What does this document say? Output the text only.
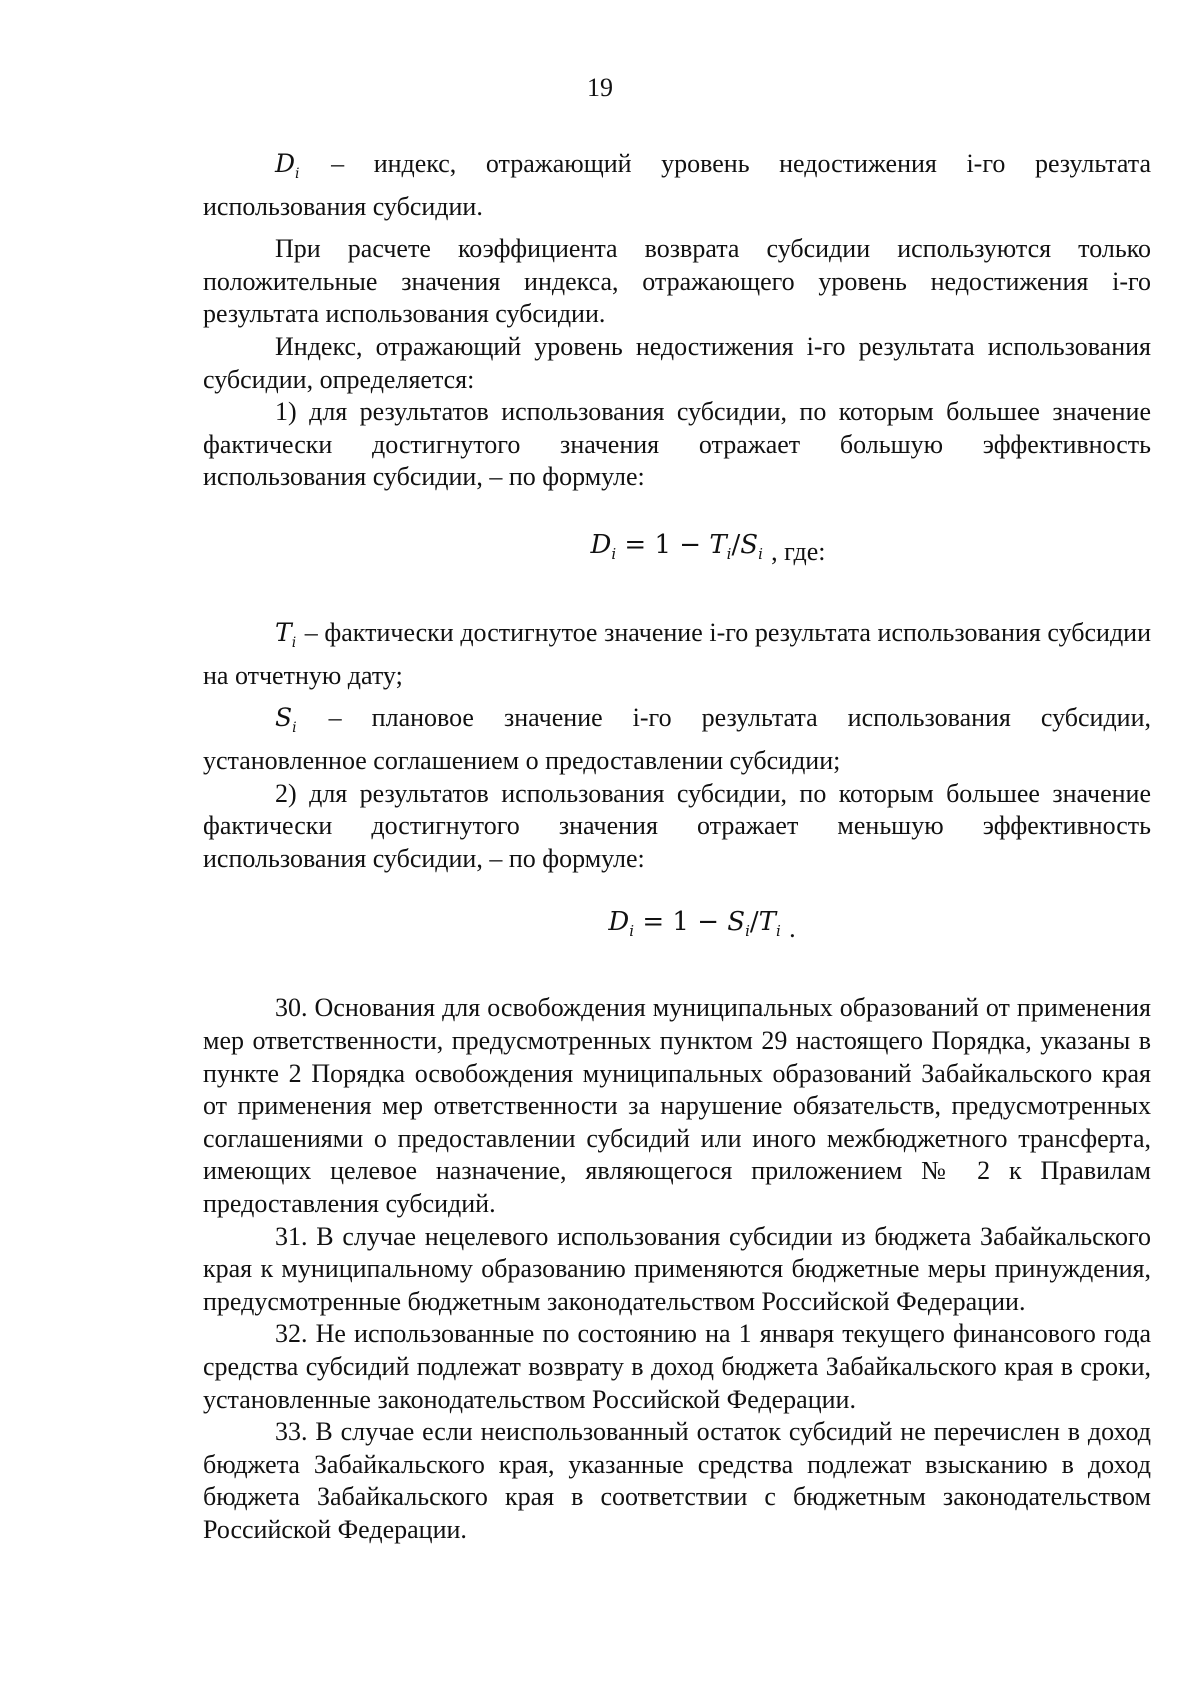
19

$D_i$ – индекс, отражающий уровень недостижения i-го результата использования субсидии.

При расчете коэффициента возврата субсидии используются только положительные значения индекса, отражающего уровень недостижения i-го результата использования субсидии.

Индекс, отражающий уровень недостижения i-го результата использования субсидии, определяется:

1) для результатов использования субсидии, по которым большее значение фактически достигнутого значения отражает большую эффективность использования субсидии, – по формуле:

$D_i = 1 - T_i/S_i$ , где:

$T_i$ – фактически достигнутое значение i-го результата использования субсидии на отчетную дату;

$S_i$ – плановое значение i-го результата использования субсидии, установленное соглашением о предоставлении субсидии;

2) для результатов использования субсидии, по которым большее значение фактически достигнутого значения отражает меньшую эффективность использования субсидии, – по формуле:

$D_i = 1 - S_i/T_i$ .

30. Основания для освобождения муниципальных образований от применения мер ответственности, предусмотренных пунктом 29 настоящего Порядка, указаны в пункте 2 Порядка освобождения муниципальных образований Забайкальского края от применения мер ответственности за нарушение обязательств, предусмотренных соглашениями о предоставлении субсидий или иного межбюджетного трансферта, имеющих целевое назначение, являющегося приложением № 2 к Правилам предоставления субсидий.

31. В случае нецелевого использования субсидии из бюджета Забайкальского края к муниципальному образованию применяются бюджетные меры принуждения, предусмотренные бюджетным законодательством Российской Федерации.

32. Не использованные по состоянию на 1 января текущего финансового года средства субсидий подлежат возврату в доход бюджета Забайкальского края в сроки, установленные законодательством Российской Федерации.

33. В случае если неиспользованный остаток субсидий не перечислен в доход бюджета Забайкальского края, указанные средства подлежат взысканию в доход бюджета Забайкальского края в соответствии с бюджетным законодательством Российской Федерации.
